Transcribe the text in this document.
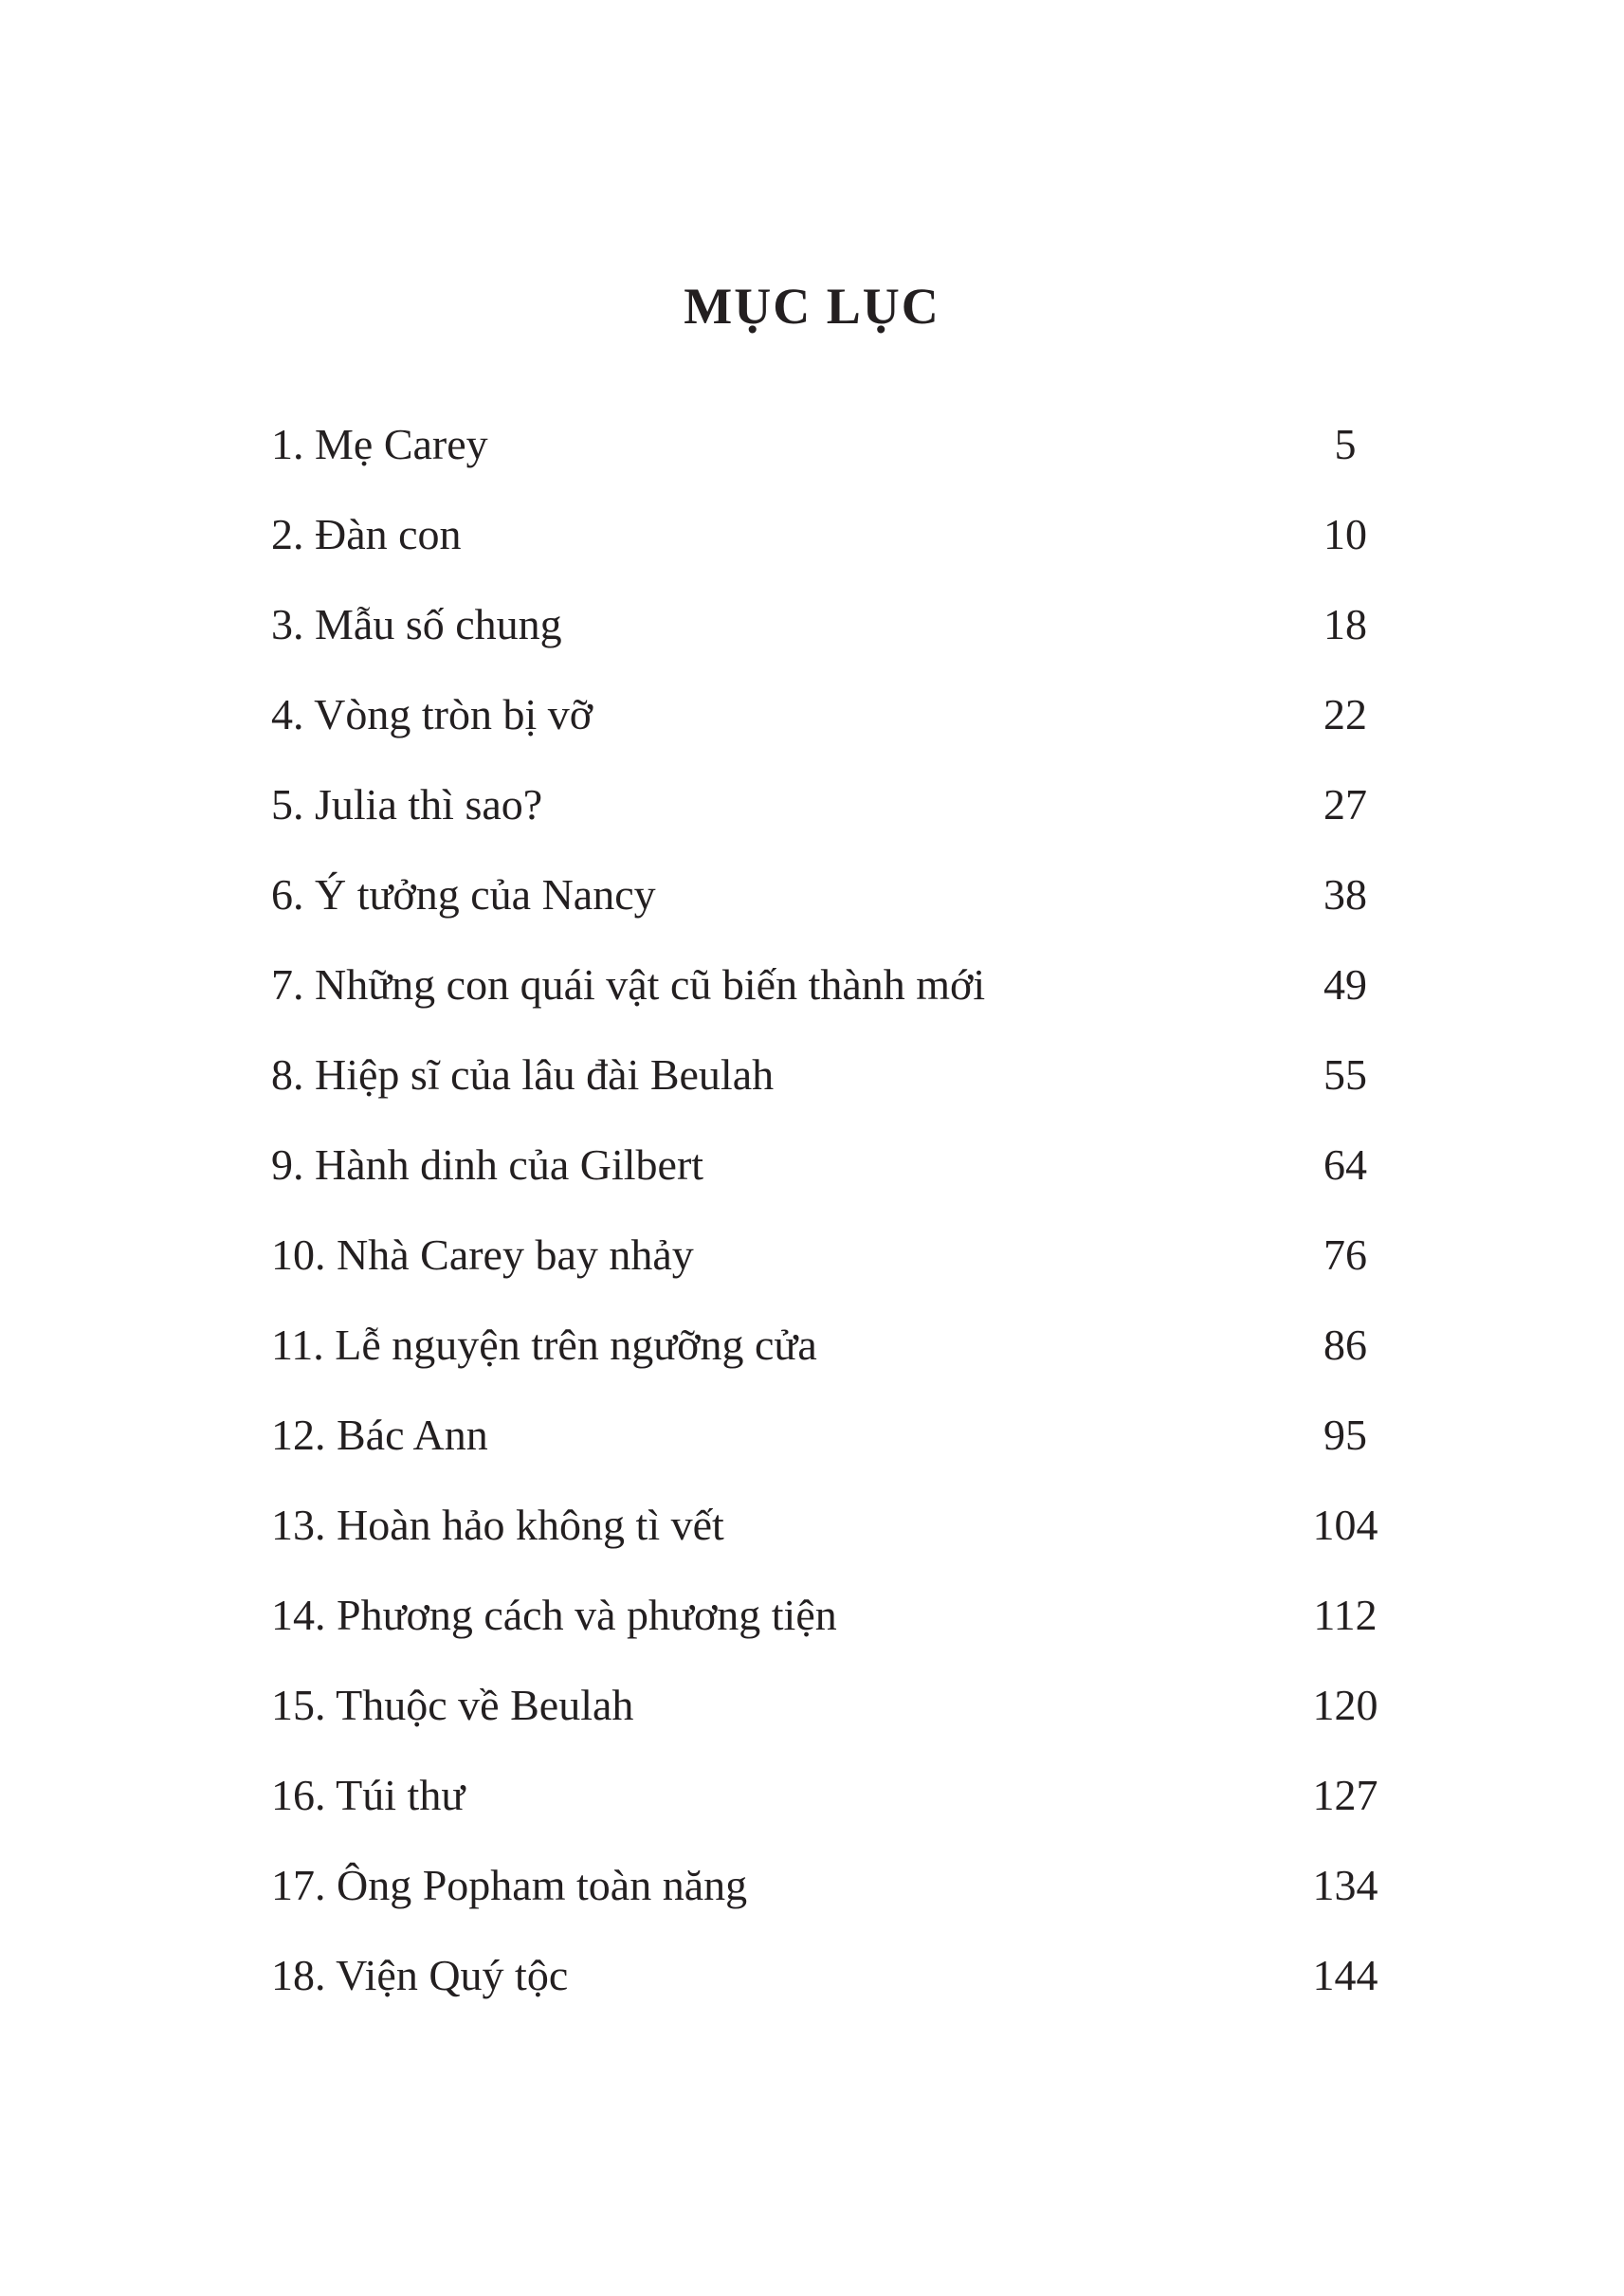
MỤC LỤC
1. Mẹ Carey	5
2. Đàn con	10
3. Mẫu số chung	18
4. Vòng tròn bị vỡ	22
5. Julia thì sao?	27
6. Ý tưởng của Nancy	38
7. Những con quái vật cũ biến thành mới	49
8. Hiệp sĩ của lâu đài Beulah	55
9. Hành dinh của Gilbert	64
10. Nhà Carey bay nhảy	76
11. Lễ nguyện trên ngưỡng cửa	86
12. Bác Ann	95
13. Hoàn hảo không tì vết	104
14. Phương cách và phương tiện	112
15. Thuộc về Beulah	120
16. Túi thư	127
17. Ông Popham toàn năng	134
18. Viện Quý tộc	144
